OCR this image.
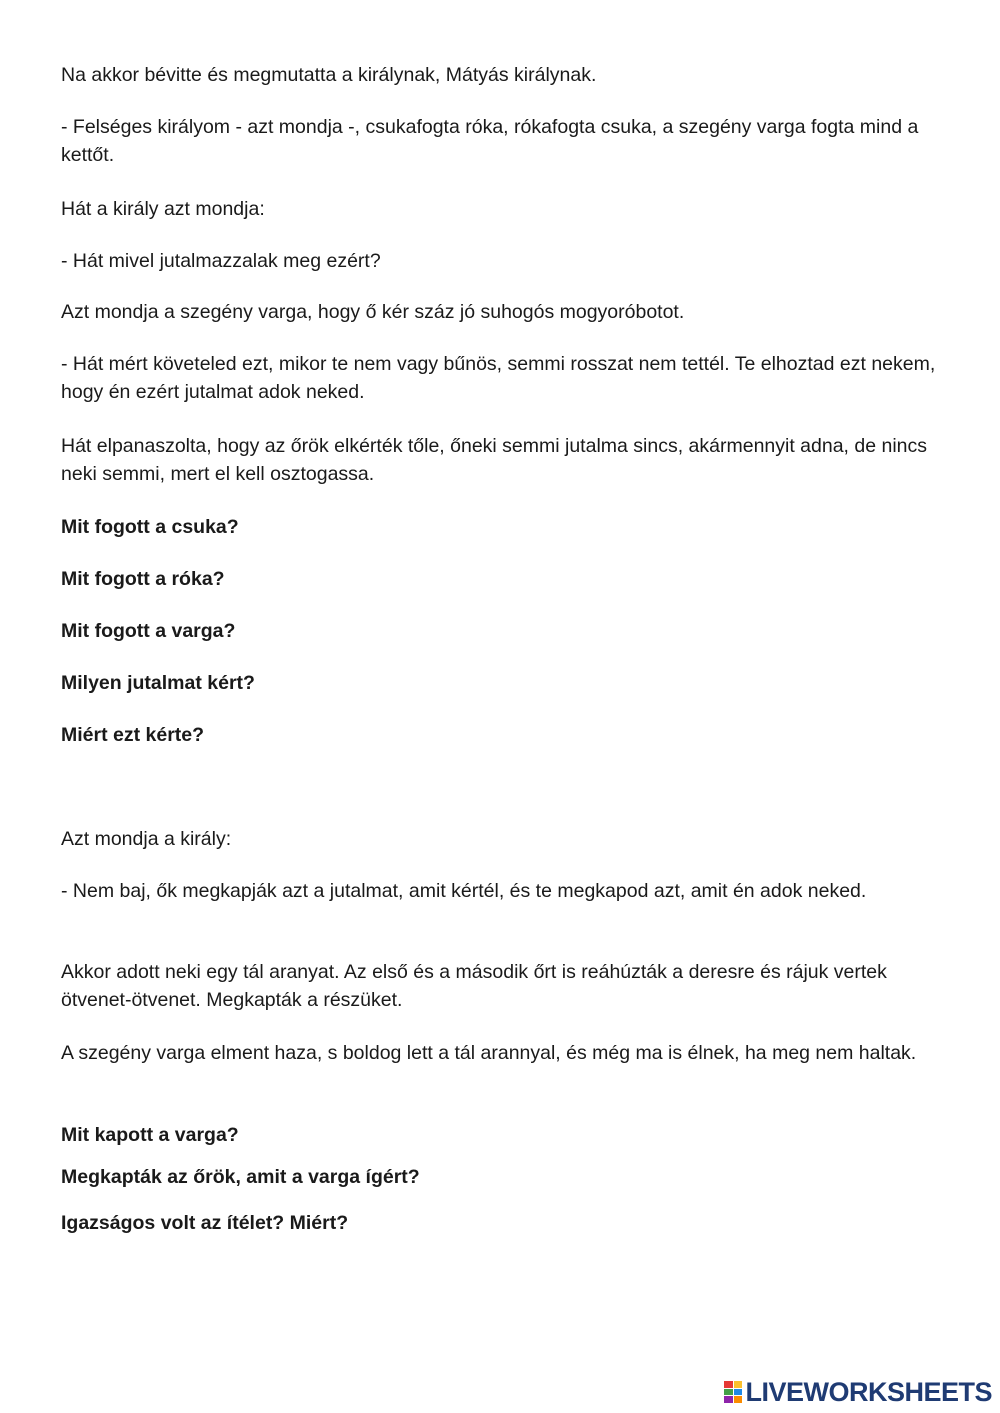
Na akkor bévitte és megmutatta a királynak, Mátyás királynak.

- Felséges királyom - azt mondja -, csukafogta róka, rókafogta csuka, a szegény varga fogta mind a kettőt.

Hát a király azt mondja:

- Hát mivel jutalmazzalak meg ezért?

Azt mondja a szegény varga, hogy ő kér száz jó suhogós mogyoróbotot.

- Hát mért követeled ezt, mikor te nem vagy bűnös, semmi rosszat nem tettél. Te elhoztad ezt nekem, hogy én ezért jutalmat adok neked.

Hát elpanaszolta, hogy az őrök elkérték tőle, őneki semmi jutalma sincs, akármennyit adna, de nincs neki semmi, mert el kell osztogassa.

Mit fogott a csuka?

Mit fogott a róka?

Mit fogott a varga?

Milyen jutalmat kért?

Miért ezt kérte?

Azt mondja a király:

- Nem baj, ők megkapják azt a jutalmat, amit kértél, és te megkapod azt, amit én adok neked.

Akkor adott neki egy tál aranyat. Az első és a második őrt is reáhúzták a deresre és rájuk vertek ötvenet-ötvenet. Megkapták a részüket.

A szegény varga elment haza, s boldog lett a tál arannyal, és még ma is élnek, ha meg nem haltak.

Mit kapott a varga?

Megkapták az őrök, amit a varga ígért?

Igazságos volt az ítélet? Miért?

LIVEWORKSHEETS
